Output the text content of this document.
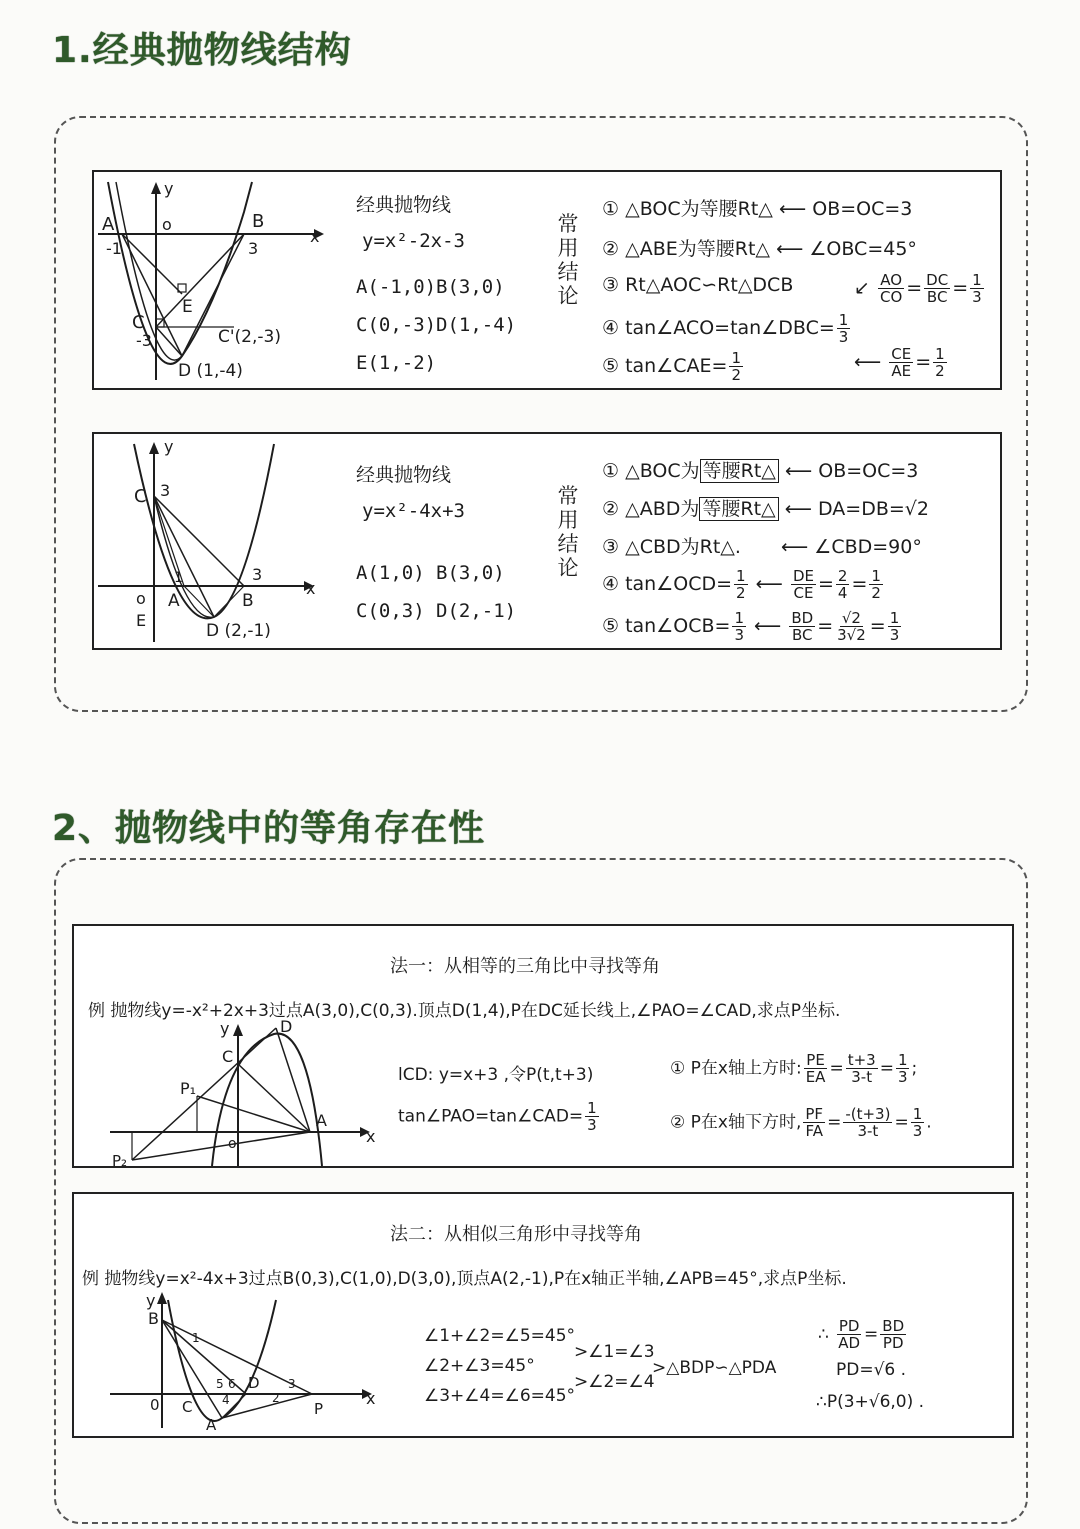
1.经典抛物线结构
A
-1
o
y
x
B
3
C
-3
E
C'(2,-3)
D (1,-4)
经典抛物线
y=x²-2x-3
A(-1,0) B(3,0)
C(0,-3) D(1,-4)
E(1,-2)
常用结论
① △BOC为等腰Rt△ ⟵ OB=OC=3
② △ABE为等腰Rt△ ⟵ ∠OBC=45°
③ Rt△AOC∽Rt△DCB	↙ $\frac{AO}{CO} = \frac{DC}{BC} = \frac{1}{3}$
④ tan∠ACO=tan∠DBC= $\frac{1}{3}$
⑤ tan∠CAE= $\frac{1}{2}$	⟵ $\frac{CE}{AE} = \frac{1}{2}$
y
C 3
1	3
x
o A	B
E
D (2,-1)
经典抛物线
y=x²-4x+3
A(1,0) B(3,0)
C(0,3) D(2,-1)
常用结论
① △BOC为 等腰Rt△ ⟵ OB=OC=3
② △ABD为 等腰Rt△ ⟵ DA=DB=√2
③ △CBD为Rt△. ⟵ ∠CBD=90°
④ tan∠OCD= $\frac{1}{2}$ ⟵ $\frac{DE}{CE} = \frac{2}{4} = \frac{1}{2}$
⑤ tan∠OCB= $\frac{1}{3}$ ⟵ $\frac{BD}{BC} = \frac{√2}{3√2} = \frac{1}{3}$
2、抛物线中的等角存在性
法一：从相等的三角比中寻找等角
例 抛物线y=-x²+2x+3过点A(3,0),C(0,3).顶点D(1,4),P在DC延长线上,∠PAO=∠CAD,求点P坐标.
y	D
C
P₁
A
o	x
P₂
lCD: y=x+3 ,令P(t,t+3)
tan∠PAO=tan∠CAD= $\frac{1}{3}$
① P在x轴上方时: $\frac{PE}{EA} = \frac{t+3}{3-t} = \frac{1}{3}$ ;
② P在x轴下方时, $\frac{PF}{FA} = \frac{-(t+3)}{3-t} = \frac{1}{3}$ .
法二：从相似三角形中寻找等角
例 抛物线y=x²-4x+3过点B(0,3),C(1,0),D(3,0),顶点A(2,-1),P在x轴正半轴,∠APB=45°,求点P坐标.
y
B
1
5 6 D
4	2
3
0 C
A
P
x
∠1+∠2=∠5=45°
∠2+∠3=45°
∠3+∠4=∠6=45°
>∠1=∠3
>∠2=∠4
>△BDP∽△PDA
∴ $\frac{PD}{AD} = \frac{BD}{PD}$
PD=√6 .
∴P(3+√6,0) .
